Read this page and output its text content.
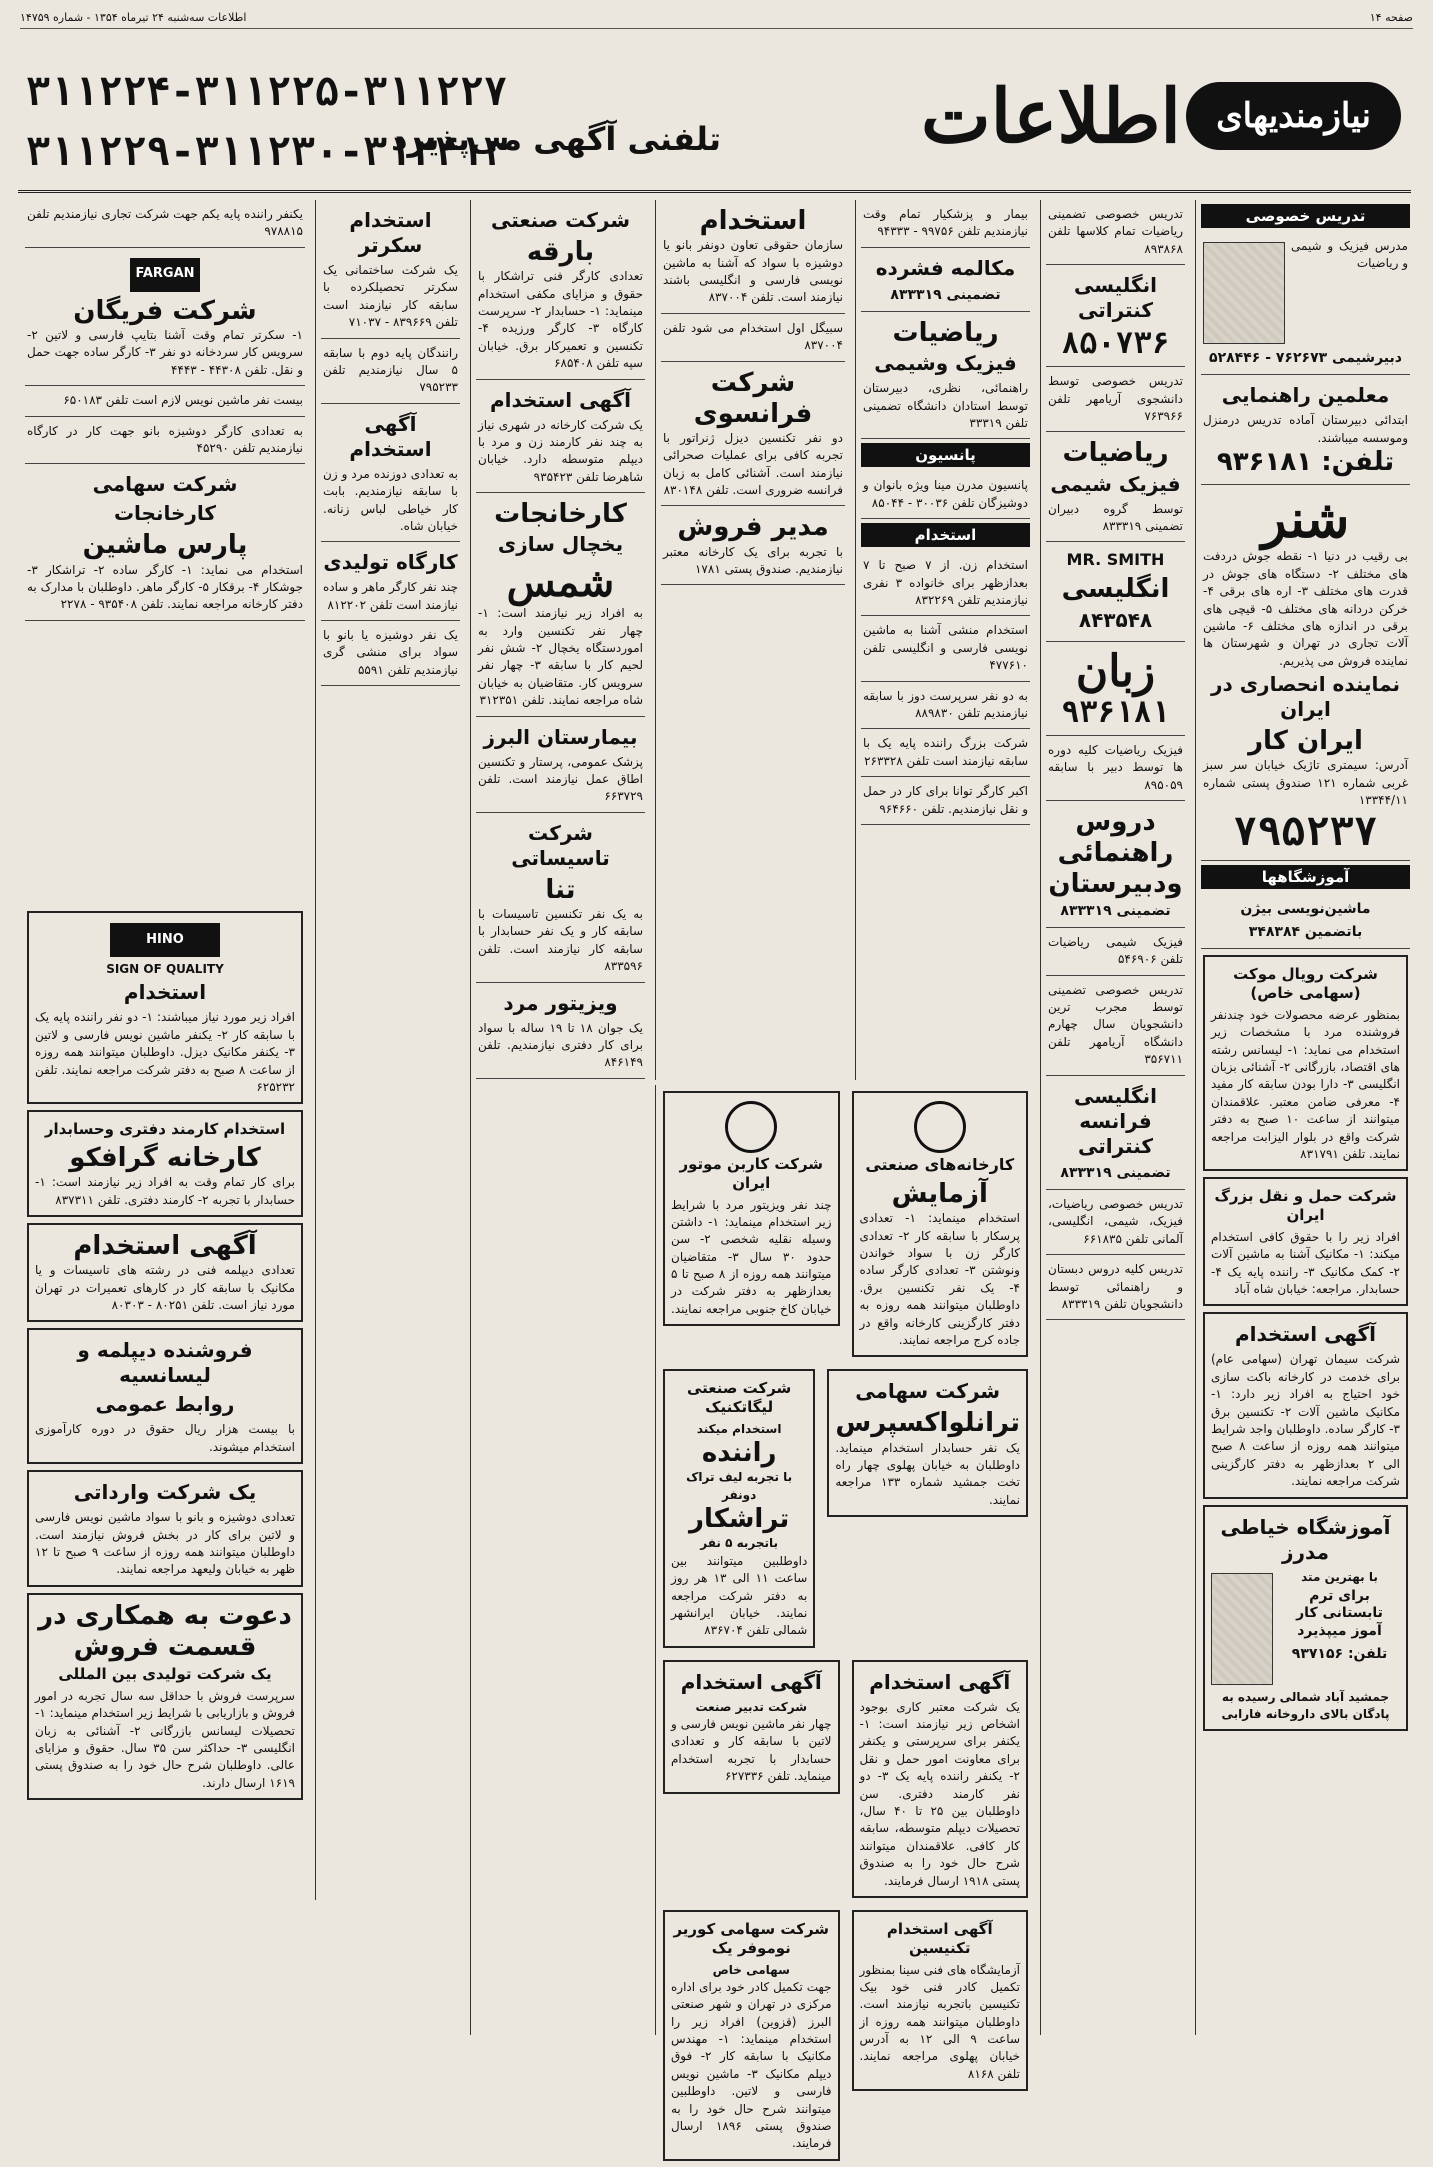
صفحه ۱۴
اطلاعات سه‌شنبه ۲۴ تیرماه ۱۳۵۴ - شماره ۱۴۷۵۹
نیازمندیهای
اطلاعات
تلفنی آگهی می‌پذیرد
۳۱۱۲۲۴-۳۱۱۲۲۵-۳۱۱۲۲۷
۳۱۱۲۲۹-۳۱۱۲۳۰-۳۱۲۴۱۳
تدریس خصوصی
مدرس فیزیک و شیمی و ریاضیات
دبیرشیمی ۷۶۲۶۷۳ - ۵۲۸۴۴۶
معلمین راهنمایی
ابتدائی دبیرستان آماده تدریس درمنزل وموسسه میباشند.
تلفن: ۹۳۶۱۸۱
شنر
بی رقیب در دنیا ۱- نقطه جوش دردفت های مختلف ۲- دستگاه های جوش در قدرت های مختلف ۳- اره های برقی ۴- خرکن دردانه های مختلف ۵- قیچی های برقی در اندازه های مختلف ۶- ماشین آلات تجاری در تهران و شهرستان ها نماینده فروش می پذیریم.
نماینده انحصاری در ایران
ایران کار
آدرس: سیمتری تاژیک خیابان سر سبز غربی شماره ۱۲۱ صندوق پستی شماره ۱۳۳۴۴/۱۱
۷۹۵۲۳۷
آموزشگاهها
ماشین‌نویسی بیژن
باتضمین ۳۴۸۳۸۴
شرکت رویال موکت (سهامی خاص)
بمنظور عرضه محصولات خود چندنفر فروشنده مرد با مشخصات زیر استخدام می نماید: ۱- لیسانس رشته های اقتصاد، بازرگانی ۲- آشنائی بزبان انگلیسی ۳- دارا بودن سابقه کار مفید ۴- معرفی ضامن معتبر. علاقمندان میتوانند از ساعت ۱۰ صبح به دفتر شرکت واقع در بلوار الیزابت مراجعه نمایند. تلفن ۸۳۱۷۹۱
شرکت حمل و نقل بزرگ ایران
افراد زیر را با حقوق کافی استخدام میکند: ۱- مکانیک آشنا به ماشین آلات ۲- کمک مکانیک ۳- راننده پایه یک ۴- حسابدار. مراجعه: خیابان شاه آباد
آگهی استخدام
شرکت سیمان تهران (سهامی عام) برای خدمت در کارخانه باکت سازی خود احتیاج به افراد زیر دارد: ۱- مکانیک ماشین آلات ۲- تکنسین برق ۳- کارگر ساده. داوطلبان واجد شرایط میتوانند همه روزه از ساعت ۸ صبح الی ۲ بعدازظهر به دفتر کارگزینی شرکت مراجعه نمایند.
آموزشگاه خیاطی مدرز
با بهترین متد
برای ترم تابستانی کار آموز میپذیرد
تلفن: ۹۳۷۱۵۶
جمشید آباد شمالی رسیده به پادگان بالای داروخانه فارابی
تدریس خصوصی تضمینی ریاضیات تمام کلاسها تلفن ۸۹۳۸۶۸
انگلیسی کنتراتی
۸۵۰۷۳۶
تدریس خصوصی توسط دانشجوی آریامهر تلفن ۷۶۳۹۶۶
ریاضیات
فیزیک شیمی
توسط گروه دبیران تضمینی ۸۳۳۳۱۹
MR. SMITH
انگلیسی
۸۴۳۵۴۸
زبان
۹۳۶۱۸۱
فیزیک ریاضیات کلیه دوره ها توسط دبیر با سابقه ۸۹۵۰۵۹
دروس
راهنمائی
ودبیرستان
تضمینی ۸۳۳۳۱۹
فیزیک شیمی ریاضیات تلفن ۵۴۶۹۰۶
تدریس خصوصی تضمینی توسط مجرب ترین دانشجویان سال چهارم دانشگاه آریامهر تلفن ۳۵۶۷۱۱
انگلیسی فرانسه کنتراتی
تضمینی ۸۳۳۳۱۹
تدریس خصوصی ریاضیات، فیزیک، شیمی، انگلیسی، آلمانی تلفن ۶۶۱۸۳۵
تدریس کلیه دروس دبستان و راهنمائی توسط دانشجویان تلفن ۸۳۳۳۱۹
بیمار و پزشکیار تمام وقت نیازمندیم تلفن ۹۹۷۵۶ - ۹۴۳۳۳
مکالمه فشرده
تضمینی ۸۳۳۳۱۹
ریاضیات
فیزیک وشیمی
راهنمائی، نظری، دبیرستان توسط استادان دانشگاه تضمینی تلفن ۳۳۳۱۹
پانسیون
پانسیون مدرن مینا ویژه بانوان و دوشیزگان تلفن ۳۰۰۳۶ - ۸۵۰۴۴
استخدام
استخدام زن. از ۷ صبح تا ۷ بعدازظهر برای خانواده ۳ نفری نیازمندیم تلفن ۸۳۲۲۶۹
استخدام منشی آشنا به ماشین نویسی فارسی و انگلیسی تلفن ۴۷۷۶۱۰
به دو نفر سرپرست دوز با سابقه نیازمندیم تلفن ۸۸۹۸۳۰
شرکت بزرگ راننده پایه یک با سابقه نیازمند است تلفن ۲۶۳۳۲۸
اکبر کارگر توانا برای کار در حمل و نقل نیازمندیم. تلفن ۹۶۴۶۶۰
استخدام
سازمان حقوقی تعاون دونفر بانو یا دوشیزه با سواد که آشنا به ماشین نویسی فارسی و انگلیسی باشند نیازمند است. تلفن ۸۳۷۰۰۴
سبیگل اول استخدام می شود تلفن ۸۳۷۰۰۴
شرکت فرانسوی
دو نفر تکنسین دیزل ژنراتور با تجربه کافی برای عملیات صحرائی نیازمند است. آشنائی کامل به زبان فرانسه ضروری است. تلفن ۸۳۰۱۴۸
مدیر فروش
با تجربه برای یک کارخانه معتبر نیازمندیم. صندوق پستی ۱۷۸۱
کارخانه‌های صنعتی
آزمایش
استخدام مینماید: ۱- تعدادی پرسکار با سابقه کار ۲- تعدادی کارگر زن با سواد خواندن ونوشتن ۳- تعدادی کارگر ساده ۴- یک نفر تکنسین برق. داوطلبان میتوانند همه روزه به دفتر کارگزینی کارخانه واقع در جاده کرج مراجعه نمایند.
شرکت کاربن موتور ایران
چند نفر ویزیتور مرد با شرایط زیر استخدام مینماید: ۱- داشتن وسیله نقلیه شخصی ۲- سن حدود ۳۰ سال ۳- متقاضیان میتوانند همه روزه از ۸ صبح تا ۵ بعدازظهر به دفتر شرکت در خیابان کاخ جنوبی مراجعه نمایند.
شرکت سهامی
ترانلواکسپرس
یک نفر حسابدار استخدام مینماید. داوطلبان به خیابان پهلوی چهار راه تخت جمشید شماره ۱۳۳ مراجعه نمایند.
شرکت صنعتی لیگاتکنیک
استخدام میکند
راننده
با تجربه لیف تراک دونفر
تراشکار
باتجربه ۵ نفر
داوطلبین میتوانند بین ساعت ۱۱ الی ۱۳ هر روز به دفتر شرکت مراجعه نمایند. خیابان ایرانشهر شمالی تلفن ۸۳۶۷۰۴
آگهی استخدام
یک شرکت معتبر کاری بوجود اشخاص زیر نیازمند است: ۱- یکنفر برای سرپرستی و یکنفر برای معاونت امور حمل و نقل ۲- یکنفر راننده پایه یک ۳- دو نفر کارمند دفتری. سن داوطلبان بین ۲۵ تا ۴۰ سال، تحصیلات دیپلم متوسطه، سابقه کار کافی. علاقمندان میتوانند شرح حال خود را به صندوق پستی ۱۹۱۸ ارسال فرمایند.
آگهی استخدام
شرکت تدبیر صنعت
چهار نفر ماشین نویس فارسی و لاتین با سابقه کار و تعدادی حسابدار با تجربه استخدام مینماید. تلفن ۶۲۷۳۳۶
آگهی استخدام تکنیسین
آزمایشگاه های فنی سینا بمنظور تکمیل کادر فنی خود بیک تکنیسین باتجربه نیازمند است. داوطلبان میتوانند همه روزه از ساعت ۹ الی ۱۲ به آدرس خیابان پهلوی مراجعه نمایند. تلفن ۸۱۶۸
شرکت سهامی کوریر نوموفر یک
سهامی خاص
جهت تکمیل کادر خود برای اداره مرکزی در تهران و شهر صنعتی البرز (قزوین) افراد زیر را استخدام مینماید: ۱- مهندس مکانیک با سابقه کار ۲- فوق دیپلم مکانیک ۳- ماشین نویس فارسی و لاتین. داوطلبین میتوانند شرح حال خود را به صندوق پستی ۱۸۹۶ ارسال فرمایند.
شرکت صنعتی
بارقه
تعدادی کارگر فنی تراشکار با حقوق و مزایای مکفی استخدام مینماید: ۱- حسابدار ۲- سرپرست کارگاه ۳- کارگر ورزیده ۴- تکنسین و تعمیرکار برق. خیابان سپه تلفن ۶۸۵۴۰۸
آگهی استخدام
یک شرکت کارخانه در شهری نیاز به چند نفر کارمند زن و مرد با دیپلم متوسطه دارد. خیابان شاهرضا تلفن ۹۳۵۴۲۳
کارخانجات
یخچال سازی
شمس
به افراد زیر نیازمند است: ۱- چهار نفر تکنسین وارد به اموردستگاه یخچال ۲- شش نفر لحیم کار با سابقه ۳- چهار نفر سرویس کار. متقاضیان به خیابان شاه مراجعه نمایند. تلفن ۳۱۲۳۵۱
بیمارستان البرز
پزشک عمومی، پرستار و تکنسین اطاق عمل نیازمند است. تلفن ۶۶۳۷۲۹
شرکت تاسیساتی
تنا
به یک نفر تکنسین تاسیسات با سابقه کار و یک نفر حسابدار با سابقه کار نیازمند است. تلفن ۸۳۳۵۹۶
ویزیتور مرد
یک جوان ۱۸ تا ۱۹ ساله با سواد برای کار دفتری نیازمندیم. تلفن ۸۴۶۱۴۹
استخدام سکرتر
یک شرکت ساختمانی یک سکرتر تحصیلکرده با سابقه کار نیازمند است تلفن ۸۳۹۶۶۹ - ۷۱۰۳۷
رانندگان پایه دوم با سابقه ۵ سال نیازمندیم تلفن ۷۹۵۲۳۳
آگهی استخدام
به تعدادی دوزنده مرد و زن با سابقه نیازمندیم. بابت کار خیاطی لباس زنانه. خیابان شاه.
کارگاه تولیدی
چند نفر کارگر ماهر و ساده نیازمند است تلفن ۸۱۲۲۰۲
یک نفر دوشیزه یا بانو با سواد برای منشی گری نیازمندیم تلفن ۵۵۹۱
یکنفر راننده پایه یکم جهت شرکت تجاری نیازمندیم تلفن ۹۷۸۸۱۵
FARGAN
شرکت فریگان
۱- سکرتر تمام وقت آشنا بتایپ فارسی و لاتین ۲- سرویس کار سردخانه دو نفر ۳- کارگر ساده جهت حمل و نقل. تلفن ۴۴۳۰۸ - ۴۴۴۳
بیست نفر ماشین نویس لازم است تلفن ۶۵۰۱۸۳
به تعدادی کارگر دوشیزه بانو جهت کار در کارگاه نیازمندیم تلفن ۴۵۲۹۰
شرکت سهامی
کارخانجات
پارس ماشین
استخدام می نماید: ۱- کارگر ساده ۲- تراشکار ۳- جوشکار ۴- برقکار ۵- کارگر ماهر. داوطلبان با مدارک به دفتر کارخانه مراجعه نمایند. تلفن ۹۳۵۴۰۸ - ۲۲۷۸
HINO
SIGN OF QUALITY
استخدام
افراد زیر مورد نیاز میباشند: ۱- دو نفر راننده پایه یک با سابقه کار ۲- یکنفر ماشین نویس فارسی و لاتین ۳- یکنفر مکانیک دیزل. داوطلبان میتوانند همه روزه از ساعت ۸ صبح به دفتر شرکت مراجعه نمایند. تلفن ۶۲۵۲۳۲
استخدام کارمند دفتری وحسابدار
کارخانه گرافکو
برای کار تمام وقت به افراد زیر نیازمند است: ۱- حسابدار با تجربه ۲- کارمند دفتری. تلفن ۸۳۷۳۱۱
آگهی استخدام
تعدادی دیپلمه فنی در رشته های تاسیسات و یا مکانیک با سابقه کار در کارهای تعمیرات در تهران مورد نیاز است. تلفن ۸۰۲۵۱ - ۸۰۳۰۳
فروشنده دیپلمه و لیسانسیه
روابط عمومی
با بیست هزار ریال حقوق در دوره کارآموزی استخدام میشوند.
یک شرکت وارداتی
تعدادی دوشیزه و بانو با سواد ماشین نویس فارسی و لاتین برای کار در بخش فروش نیازمند است. داوطلبان میتوانند همه روزه از ساعت ۹ صبح تا ۱۲ ظهر به خیابان ولیعهد مراجعه نمایند.
دعوت به همکاری در قسمت فروش
یک شرکت تولیدی بین المللی
سرپرست فروش با حداقل سه سال تجربه در امور فروش و بازاریابی با شرایط زیر استخدام مینماید: ۱- تحصیلات لیسانس بازرگانی ۲- آشنائی به زبان انگلیسی ۳- حداکثر سن ۳۵ سال. حقوق و مزایای عالی. داوطلبان شرح حال خود را به صندوق پستی ۱۶۱۹ ارسال دارند.
